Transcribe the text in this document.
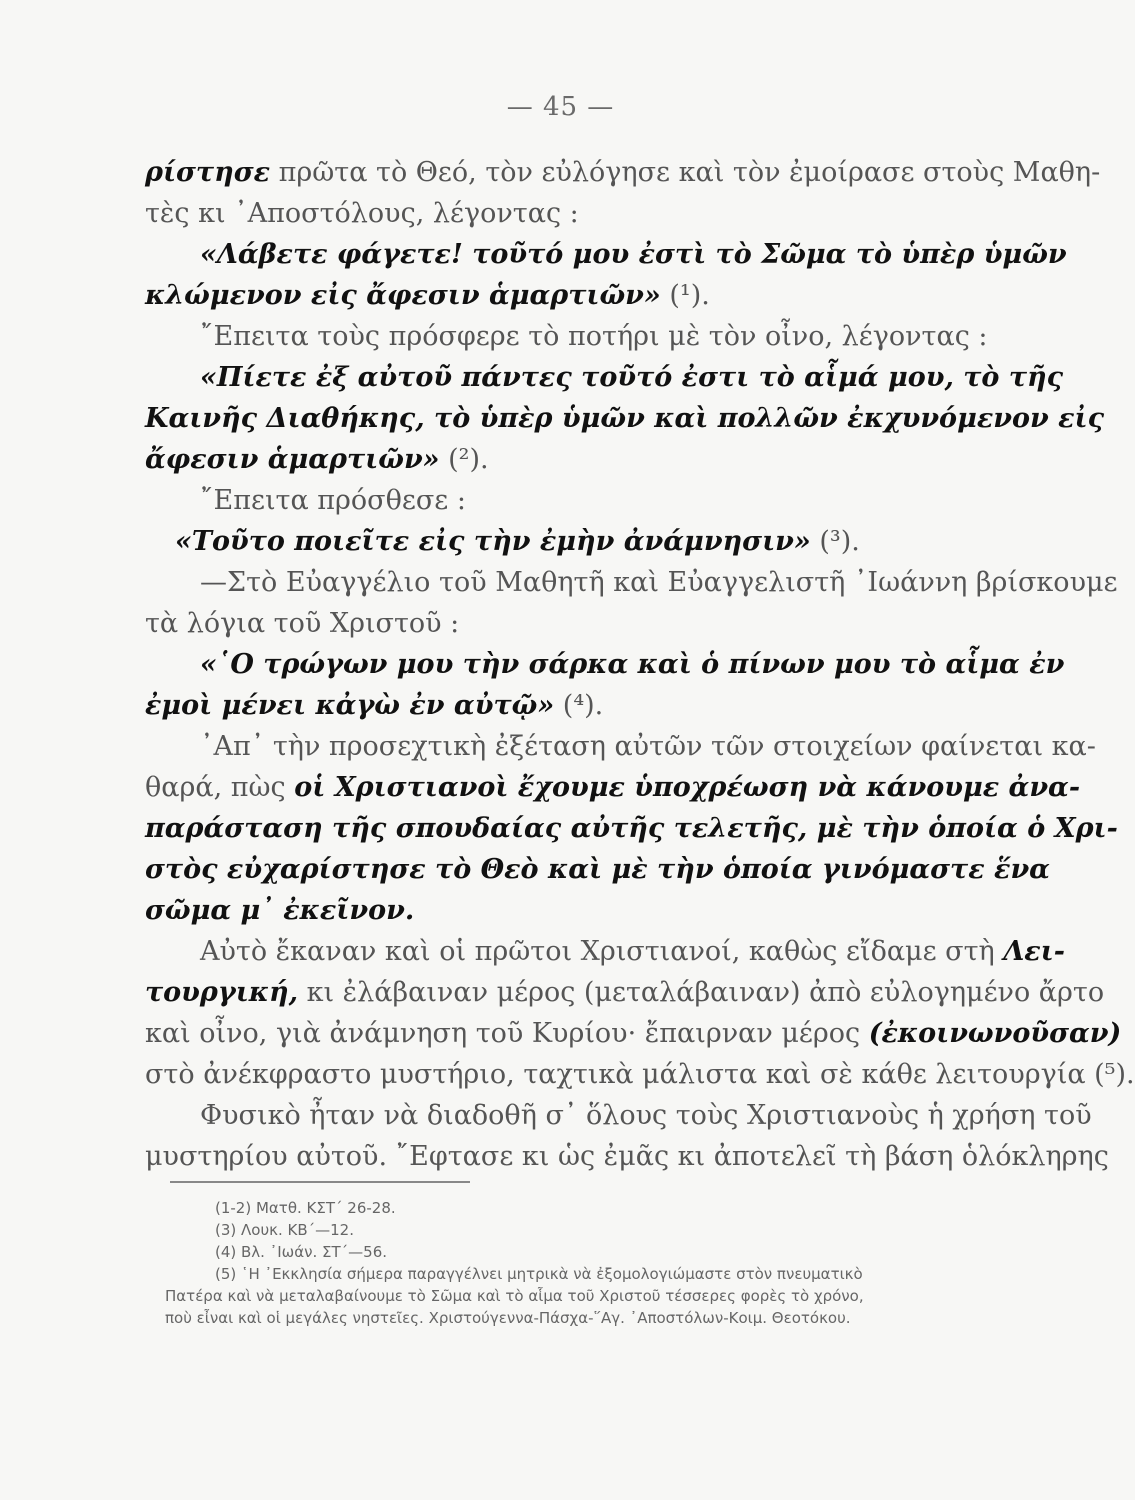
— 45 —
ρίστησε πρῶτα τὸ Θεό, τὸν εὐλόγησε καὶ τὸν ἐμοίρασε στοὺς Μαθη-
τὲς κι ᾿Αποστόλους, λέγοντας :
«Λάβετε φάγετε! τοῦτό μου ἐστὶ τὸ Σῶμα τὸ ὑπὲρ ὑμῶν
κλώμενον εἰς ἄφεσιν ἁμαρτιῶν» (¹).
῎Επειτα τοὺς πρόσφερε τὸ ποτήρι μὲ τὸν οἶνο, λέγοντας :
«Πίετε ἐξ αὐτοῦ πάντες τοῦτό ἐστι τὸ αἷμά μου, τὸ τῆς
Καινῆς Διαθήκης, τὸ ὑπὲρ ὑμῶν καὶ πολλῶν ἐκχυνόμενον εἰς
ἄφεσιν ἁμαρτιῶν» (²).
῎Επειτα πρόσθεσε :
«Τοῦτο ποιεῖτε εἰς τὴν ἐμὴν ἀνάμνησιν» (³).
—Στὸ Εὐαγγέλιο τοῦ Μαθητῆ καὶ Εὐαγγελιστῆ ᾿Ιωάννη βρίσκουμε
τὰ λόγια τοῦ Χριστοῦ :
«῾Ο τρώγων μου τὴν σάρκα καὶ ὁ πίνων μου τὸ αἷμα ἐν
ἐμοὶ μένει κἀγὼ ἐν αὐτῷ» (⁴).
᾿Απ᾿ τὴν προσεχτικὴ ἐξέταση αὐτῶν τῶν στοιχείων φαίνεται κα-
θαρά, πὼς οἱ Χριστιανοὶ ἔχουμε ὑποχρέωση νὰ κάνουμε ἀνα-
παράσταση τῆς σπουδαίας αὐτῆς τελετῆς, μὲ τὴν ὁποία ὁ Χρι-
στὸς εὐχαρίστησε τὸ Θεὸ καὶ μὲ τὴν ὁποία γινόμαστε ἕνα
σῶμα μ᾿ ἐκεῖνον.
Αὐτὸ ἔκαναν καὶ οἱ πρῶτοι Χριστιανοί, καθὼς εἴδαμε στὴ Λει-
τουργική, κι ἐλάβαιναν μέρος (μεταλάβαιναν) ἀπὸ εὐλογημένο ἄρτο
καὶ οἶνο, γιὰ ἀνάμνηση τοῦ Κυρίου· ἔπαιρναν μέρος (ἐκοινωνοῦσαν)
στὸ ἀνέκφραστο μυστήριο, ταχτικὰ μάλιστα καὶ σὲ κάθε λειτουργία (⁵).
Φυσικὸ ἦταν νὰ διαδοθῆ σ᾿ ὅλους τοὺς Χριστιανοὺς ἡ χρήση τοῦ
μυστηρίου αὐτοῦ. ῎Εφτασε κι ὡς ἐμᾶς κι ἀποτελεῖ τὴ βάση ὁλόκληρης
(1-2) Ματθ. ΚΣΤ΄ 26-28.
(3) Λουκ. ΚΒ΄—12.
(4) Βλ. ᾿Ιωάν. ΣΤ΄—56.
(5) ῾Η ᾿Εκκλησία σήμερα παραγγέλνει μητρικὰ νὰ ἐξομολογιώμαστε στὸν πνευματικὸ
Πατέρα καὶ νὰ μεταλαβαίνουμε τὸ Σῶμα καὶ τὸ αἷμα τοῦ Χριστοῦ τέσσερες φορὲς τὸ χρόνο,
ποὺ εἶναι καὶ οἱ μεγάλες νηστεῖες. Χριστούγεννα-Πάσχα-῞Αγ. ᾿Αποστόλων-Κοιμ. Θεοτόκου.
